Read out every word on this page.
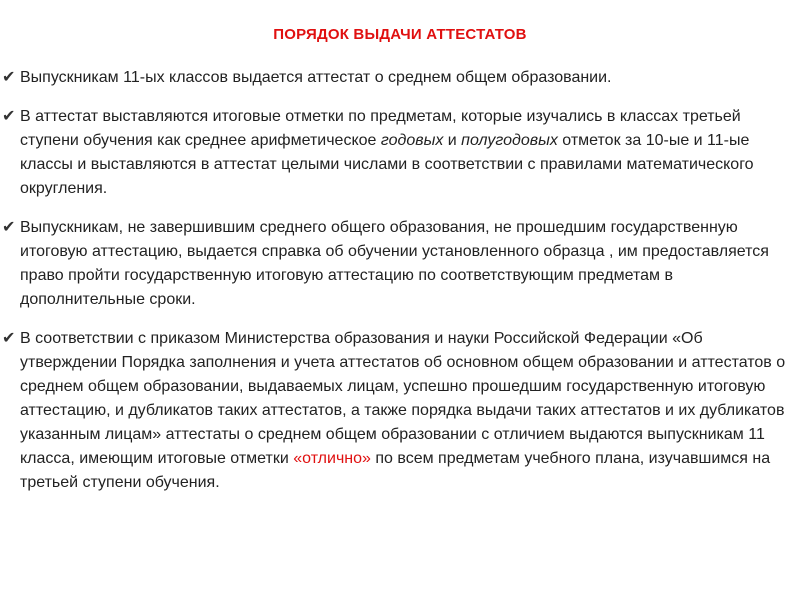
ПОРЯДОК ВЫДАЧИ АТТЕСТАТОВ
✔ Выпускникам 11-ых классов выдается аттестат о среднем общем образовании.
✔ В аттестат выставляются итоговые отметки по предметам, которые изучались в классах третьей ступени обучения как среднее арифметическое годовых и полугодовых отметок за 10-ые и 11-ые классы и выставляются в аттестат целыми числами в соответствии с правилами математического округления.
✔ Выпускникам, не завершившим среднего общего образования, не прошедшим государственную итоговую аттестацию, выдается справка об обучении установленного образца , им предоставляется право пройти государственную итоговую аттестацию по соответствующим предметам в дополнительные сроки.
✔ В соответствии с приказом Министерства образования и науки Российской Федерации «Об утверждении Порядка заполнения и учета аттестатов об основном общем образовании и аттестатов о среднем общем образовании, выдаваемых лицам, успешно прошедшим государственную итоговую аттестацию, и дубликатов таких аттестатов, а также порядка выдачи таких аттестатов и их дубликатов указанным лицам» аттестаты о среднем общем образовании с отличием выдаются выпускникам 11 класса, имеющим итоговые отметки «отлично» по всем предметам учебного плана, изучавшимся на третьей ступени обучения.
